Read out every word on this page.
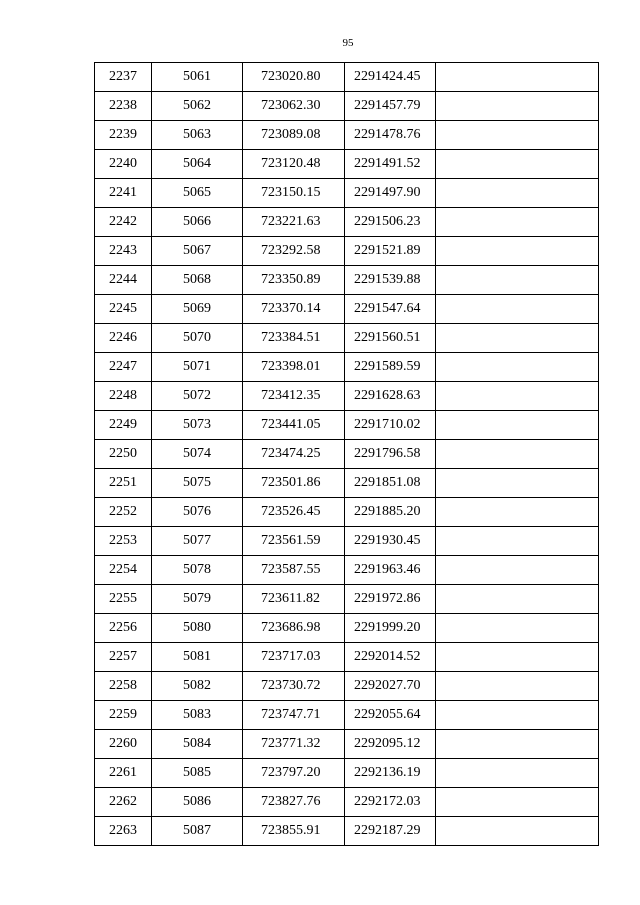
95
2237	5061	723020.80	2291424.45	
2238	5062	723062.30	2291457.79	
2239	5063	723089.08	2291478.76	
2240	5064	723120.48	2291491.52	
2241	5065	723150.15	2291497.90	
2242	5066	723221.63	2291506.23	
2243	5067	723292.58	2291521.89	
2244	5068	723350.89	2291539.88	
2245	5069	723370.14	2291547.64	
2246	5070	723384.51	2291560.51	
2247	5071	723398.01	2291589.59	
2248	5072	723412.35	2291628.63	
2249	5073	723441.05	2291710.02	
2250	5074	723474.25	2291796.58	
2251	5075	723501.86	2291851.08	
2252	5076	723526.45	2291885.20	
2253	5077	723561.59	2291930.45	
2254	5078	723587.55	2291963.46	
2255	5079	723611.82	2291972.86	
2256	5080	723686.98	2291999.20	
2257	5081	723717.03	2292014.52	
2258	5082	723730.72	2292027.70	
2259	5083	723747.71	2292055.64	
2260	5084	723771.32	2292095.12	
2261	5085	723797.20	2292136.19	
2262	5086	723827.76	2292172.03	
2263	5087	723855.91	2292187.29	
